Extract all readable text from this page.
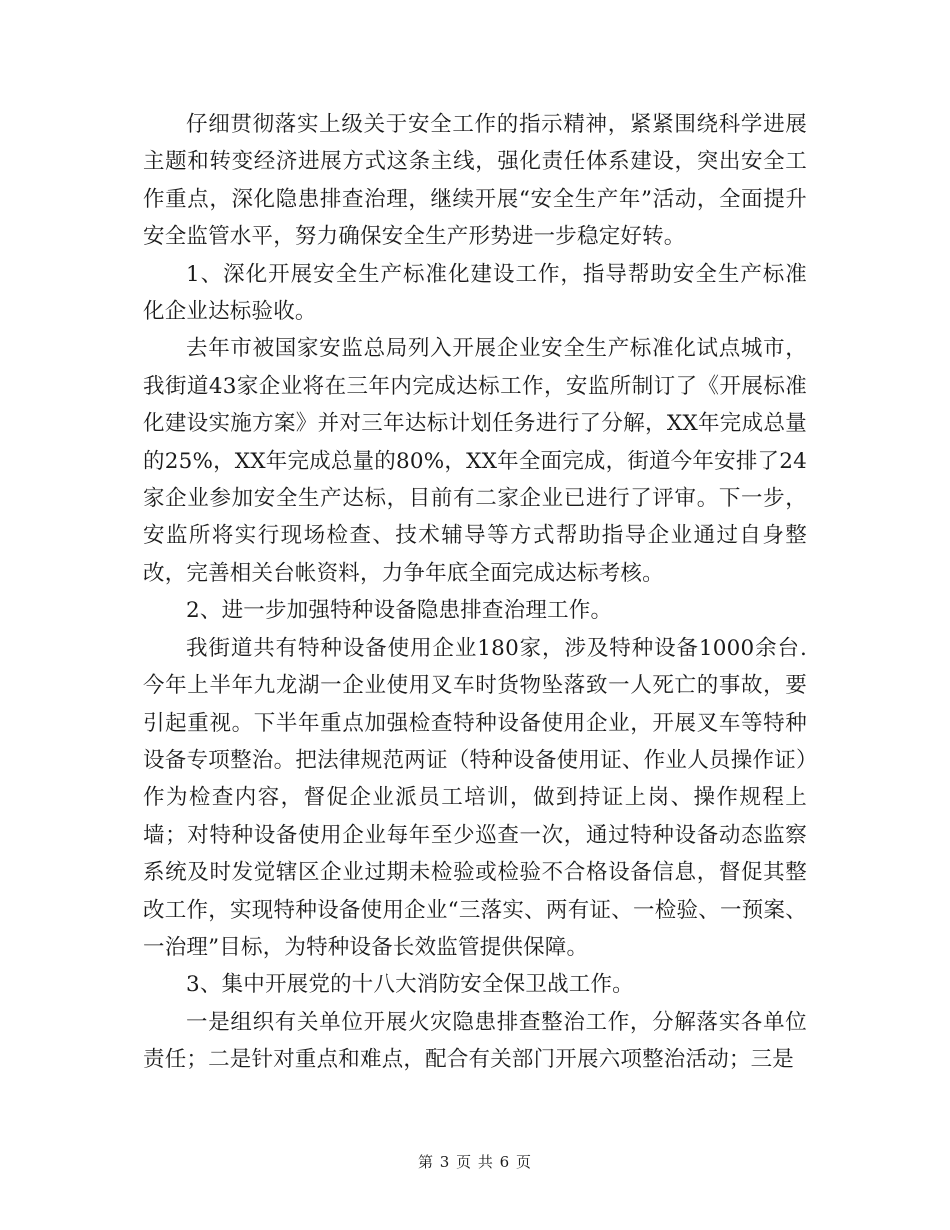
仔细贯彻落实上级关于安全工作的指示精神，紧紧围绕科学进展主题和转变经济进展方式这条主线，强化责任体系建设，突出安全工作重点，深化隐患排查治理，继续开展“安全生产年”活动，全面提升安全监管水平，努力确保安全生产形势进一步稳定好转。

1、深化开展安全生产标准化建设工作，指导帮助安全生产标准化企业达标验收。

去年市被国家安监总局列入开展企业安全生产标准化试点城市，我街道43家企业将在三年内完成达标工作，安监所制订了《开展标准化建设实施方案》并对三年达标计划任务进行了分解，XX年完成总量的25%，XX年完成总量的80%，XX年全面完成，街道今年安排了24家企业参加安全生产达标，目前有二家企业已进行了评审。下一步，安监所将实行现场检查、技术辅导等方式帮助指导企业通过自身整改，完善相关台帐资料，力争年底全面完成达标考核。

2、进一步加强特种设备隐患排查治理工作。

我街道共有特种设备使用企业180家，涉及特种设备1000余台.今年上半年九龙湖一企业使用叉车时货物坠落致一人死亡的事故，要引起重视。下半年重点加强检查特种设备使用企业，开展叉车等特种设备专项整治。把法律规范两证（特种设备使用证、作业人员操作证）作为检查内容，督促企业派员工培训，做到持证上岗、操作规程上墙；对特种设备使用企业每年至少巡查一次，通过特种设备动态监察系统及时发觉辖区企业过期未检验或检验不合格设备信息，督促其整改工作，实现特种设备使用企业“三落实、两有证、一检验、一预案、一治理”目标，为特种设备长效监管提供保障。

3、集中开展党的十八大消防安全保卫战工作。

一是组织有关单位开展火灾隐患排查整治工作，分解落实各单位责任；二是针对重点和难点，配合有关部门开展六项整治活动；三是

第 3 页 共 6 页
